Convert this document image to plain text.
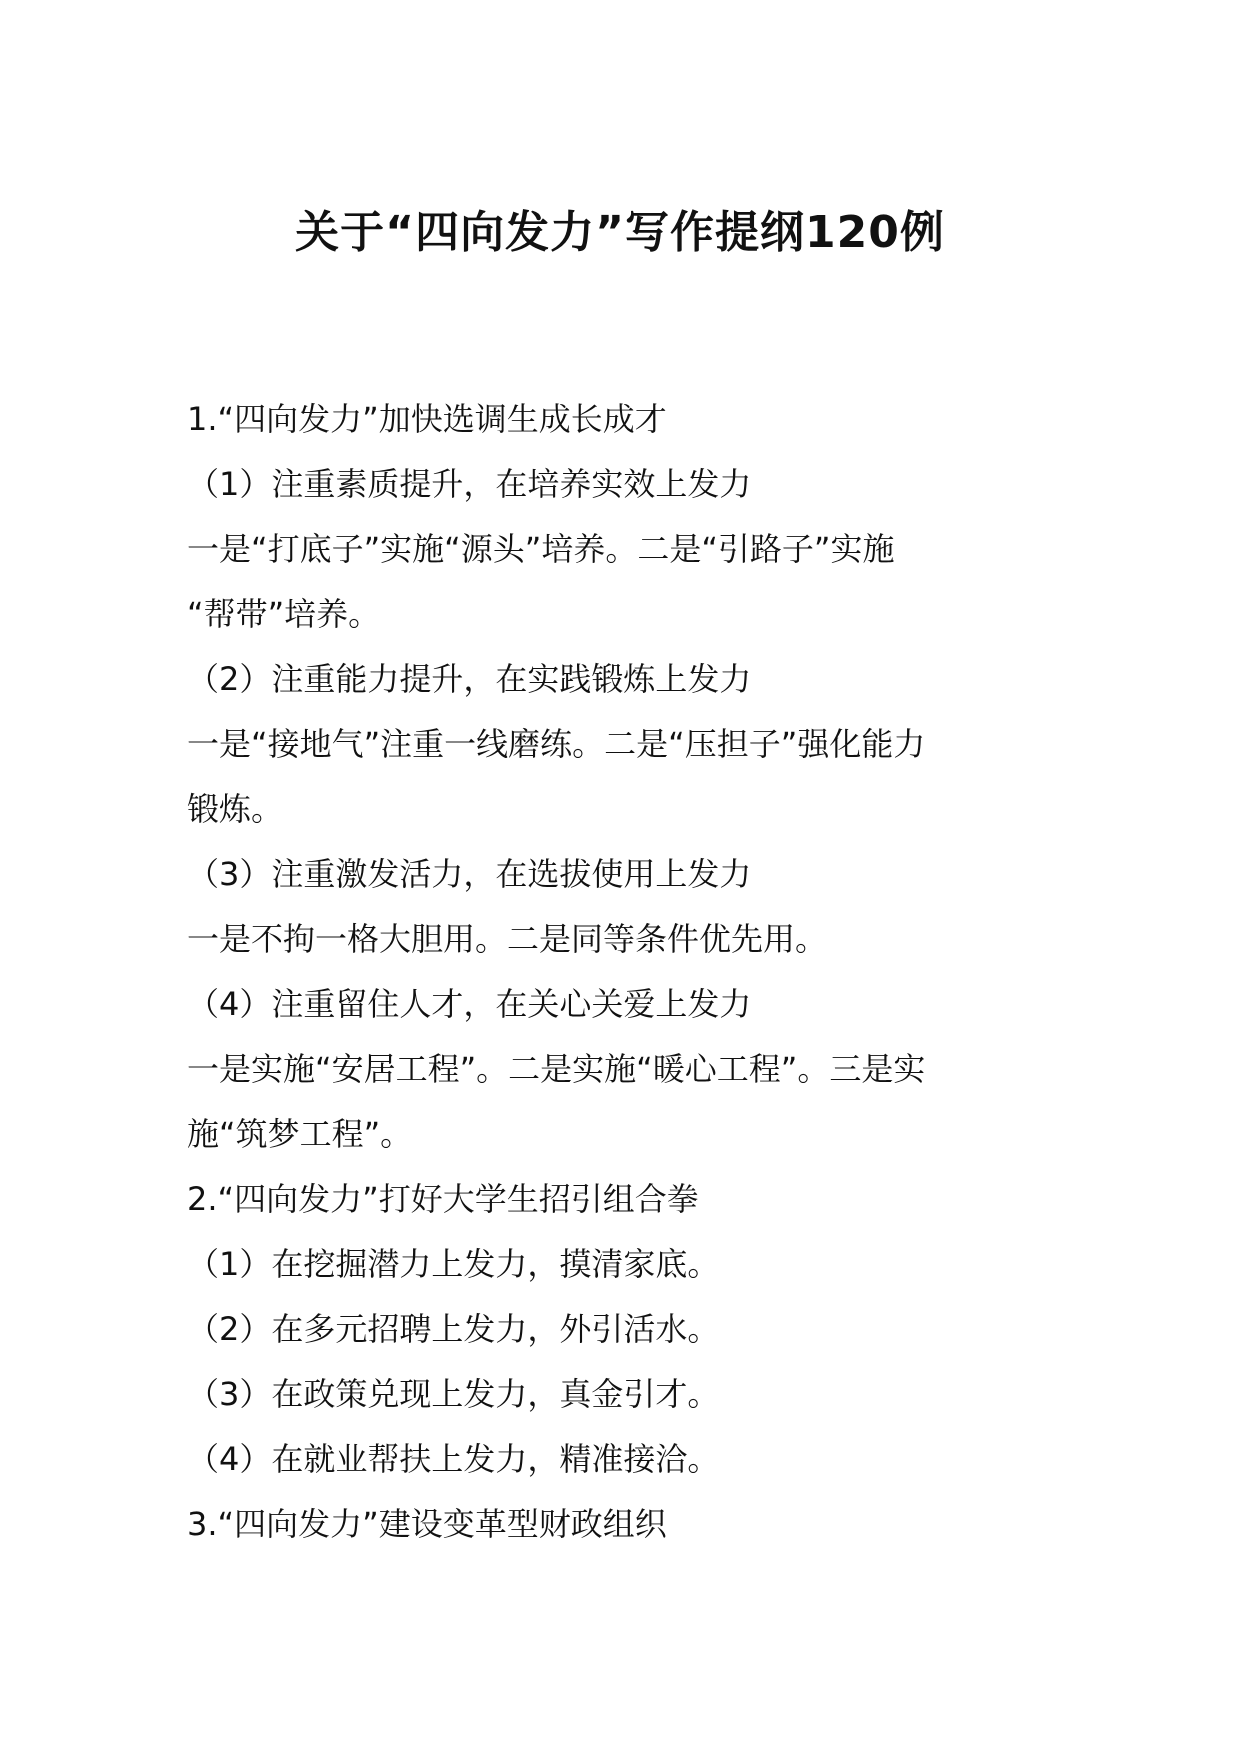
关于“四向发力”写作提纲120例
1.“四向发力”加快选调生成长成才
（1）注重素质提升，在培养实效上发力
一是“打底子”实施“源头”培养。二是“引路子”实施
“帮带”培养。
（2）注重能力提升，在实践锻炼上发力
一是“接地气”注重一线磨练。二是“压担子”强化能力
锻炼。
（3）注重激发活力，在选拔使用上发力
一是不拘一格大胆用。二是同等条件优先用。
（4）注重留住人才，在关心关爱上发力
一是实施“安居工程”。二是实施“暖心工程”。三是实
施“筑梦工程”。
2.“四向发力”打好大学生招引组合拳
（1）在挖掘潜力上发力，摸清家底。
（2）在多元招聘上发力，外引活水。
（3）在政策兑现上发力，真金引才。
（4）在就业帮扶上发力，精准接洽。
3.“四向发力”建设变革型财政组织
